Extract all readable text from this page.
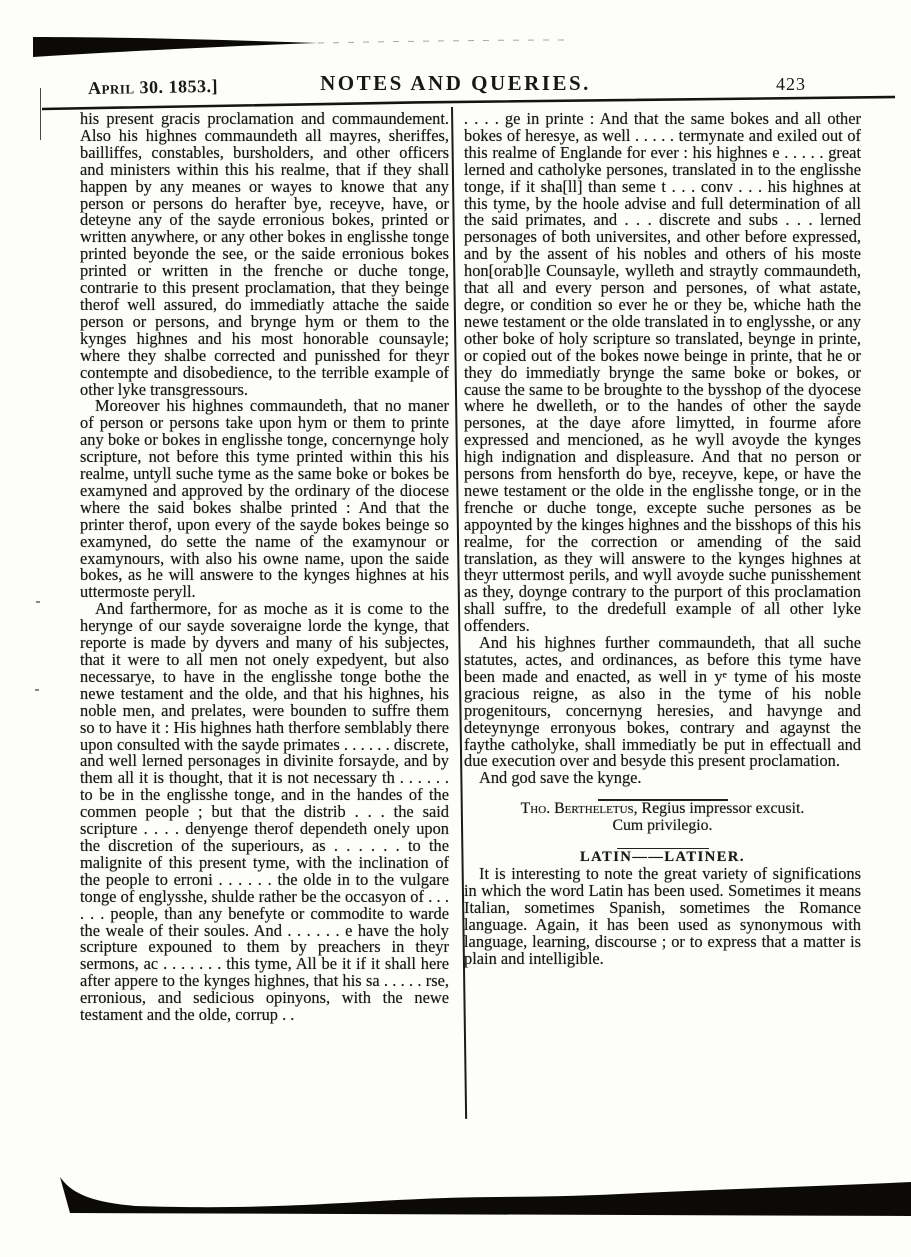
April 30. 1853.]	NOTES AND QUERIES.	423

his present gracis proclamation and commaundement. Also his highnes commaundeth all mayres, sheriffes, bailliffes, constables, bursholders, and other officers and ministers within this his realme, that if they shall happen by any meanes or wayes to knowe that any person or persons do herafter bye, receyve, have, or deteyne any of the sayde erronious bokes, printed or written anywhere, or any other bokes in englisshe tonge printed beyonde the see, or the saide erronious bokes printed or written in the frenche or duche tonge, contrarie to this present proclamation, that they beinge therof well assured, do immediatly attache the saide person or persons, and brynge hym or them to the kynges highnes and his most honorable counsayle; where they shalbe corrected and punisshed for theyr contempte and disobedience, to the terrible example of other lyke transgressours.

Moreover his highnes commaundeth, that no maner of person or persons take upon hym or them to printe any boke or bokes in englisshe tonge, concernynge holy scripture, not before this tyme printed within this his realme, untyll suche tyme as the same boke or bokes be examyned and approved by the ordinary of the diocese where the said bokes shalbe printed : And that the printer therof, upon every of the sayde bokes beinge so examyned, do sette the name of the examynour or examynours, with also his owne name, upon the saide bokes, as he will answere to the kynges highnes at his uttermoste peryll.

And farthermore, for as moche as it is come to the herynge of our sayde soveraigne lorde the kynge, that reporte is made by dyvers and many of his subjectes, that it were to all men not onely expedyent, but also necessarye, to have in the englisshe tonge bothe the newe testament and the olde, and that his highnes, his noble men, and prelates, were bounden to suffre them so to have it : His highnes hath therfore semblably there upon consulted with the sayde primates . . . . . . discrete, and well lerned personages in divinite forsayde, and by them all it is thought, that it is not necessary th . . . . . . to be in the englisshe tonge, and in the handes of the commen people ; but that the distrib . . . the said scripture . . . . denyenge therof dependeth onely upon the discretion of the superiours, as . . . . . . to the malignite of this present tyme, with the inclination of the people to erroni . . . . . . the olde in to the vulgare tonge of englysshe, shulde rather be the occasyon of . . . . . . people, than any benefyte or commodite to warde the weale of their soules. And . . . . . . e have the holy scripture expouned to them by preachers in theyr sermons, ac . . . . . . . this tyme, All be it if it shall here after appere to the kynges highnes, that his sa . . . . . rse, erronious, and sedicious opinyons, with the newe testament and the olde, corrup . .

. . . . ge in printe : And that the same bokes and all other bokes of heresye, as well . . . . . termynate and exiled out of this realme of Englande for ever : his highnes e . . . . . great lerned and catholyke persones, translated in to the englisshe tonge, if it sha[ll] than seme t . . . conv . . . his highnes at this tyme, by the hoole advise and full determination of all the said primates, and . . . discrete and subs . . . lerned personages of both universites, and other before expressed, and by the assent of his nobles and others of his moste hon[orab]le Counsayle, wylleth and straytly commaundeth, that all and every person and persones, of what astate, degre, or condition so ever he or they be, whiche hath the newe testament or the olde translated in to englysshe, or any other boke of holy scripture so translated, beynge in printe, or copied out of the bokes nowe beinge in printe, that he or they do immediatly brynge the same boke or bokes, or cause the same to be broughte to the bysshop of the dyocese where he dwelleth, or to the handes of other the sayde persones, at the daye afore limytted, in fourme afore expressed and mencioned, as he wyll avoyde the kynges high indignation and displeasure. And that no person or persons from hensforth do bye, receyve, kepe, or have the newe testament or the olde in the englisshe tonge, or in the frenche or duche tonge, excepte suche persones as be appoynted by the kinges highnes and the bisshops of this his realme, for the correction or amending of the said translation, as they will answere to the kynges highnes at theyr uttermost perils, and wyll avoyde suche punisshement as they, doynge contrary to the purport of this proclamation shall suffre, to the dredefull example of all other lyke offenders.

And his highnes further commaundeth, that all suche statutes, actes, and ordinances, as before this tyme have been made and enacted, as well in yᵉ tyme of his moste gracious reigne, as also in the tyme of his noble progenitours, concernyng heresies, and havynge and deteynynge erronyous bokes, contrary and agaynst the faythe catholyke, shall immediatly be put in effectuall and due execution over and besyde this present proclamation.

And god save the kynge.

Tho. Bertheletus, Regius impressor excusit.

Cum privilegio.

LATIN——LATINER.

It is interesting to note the great variety of significations in which the word Latin has been used. Sometimes it means Italian, sometimes Spanish, sometimes the Romance language. Again, it has been used as synonymous with language, learning, discourse ; or to express that a matter is plain and intelligible.
